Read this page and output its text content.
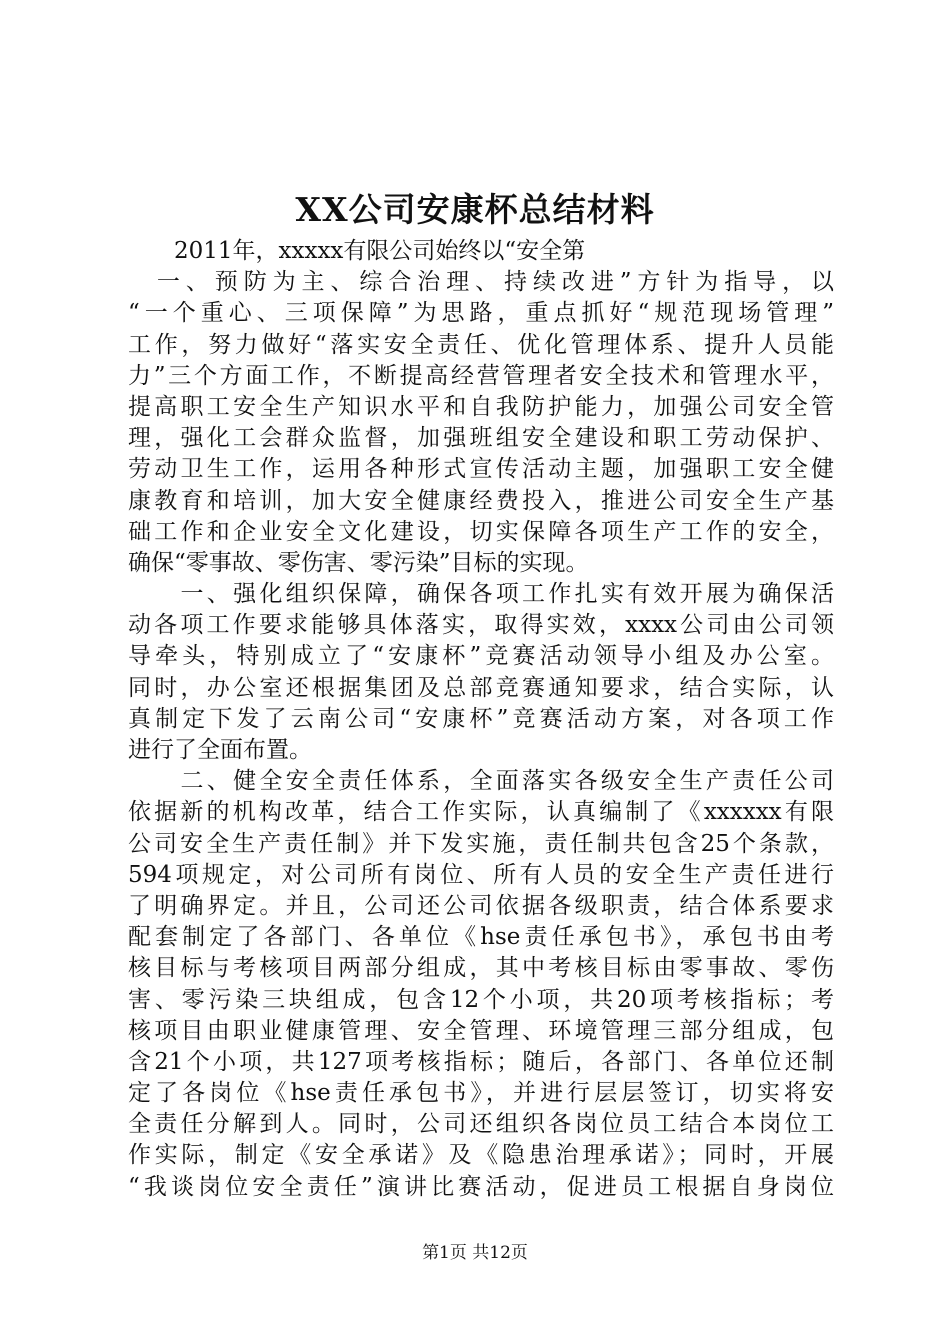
XX公司安康杯总结材料
　　2011年，xxxxx有限公司始终以“安全第
　一、预防为主、综合治理、持续改进”方针为指导，以
“一个重心、三项保障”为思路，重点抓好“规范现场管理”
工作，努力做好“落实安全责任、优化管理体系、提升人员能
力”三个方面工作，不断提高经营管理者安全技术和管理水平，
提高职工安全生产知识水平和自我防护能力，加强公司安全管
理，强化工会群众监督，加强班组安全建设和职工劳动保护、
劳动卫生工作，运用各种形式宣传活动主题，加强职工安全健
康教育和培训，加大安全健康经费投入，推进公司安全生产基
础工作和企业安全文化建设，切实保障各项生产工作的安全，
确保“零事故、零伤害、零污染”目标的实现。
　　一、强化组织保障，确保各项工作扎实有效开展为确保活
动各项工作要求能够具体落实，取得实效，xxxx公司由公司领
导牵头，特别成立了“安康杯”竞赛活动领导小组及办公室。
同时，办公室还根据集团及总部竞赛通知要求，结合实际，认
真制定下发了云南公司“安康杯”竞赛活动方案，对各项工作
进行了全面布置。
　　二、健全安全责任体系，全面落实各级安全生产责任公司
依据新的机构改革，结合工作实际，认真编制了《xxxxxx有限
公司安全生产责任制》并下发实施，责任制共包含25个条款，
594项规定，对公司所有岗位、所有人员的安全生产责任进行
了明确界定。并且，公司还公司依据各级职责，结合体系要求
配套制定了各部门、各单位《hse责任承包书》，承包书由考
核目标与考核项目两部分组成，其中考核目标由零事故、零伤
害、零污染三块组成，包含12个小项，共20项考核指标；考
核项目由职业健康管理、安全管理、环境管理三部分组成，包
含21个小项，共127项考核指标；随后，各部门、各单位还制
定了各岗位《hse责任承包书》，并进行层层签订，切实将安
全责任分解到人。同时，公司还组织各岗位员工结合本岗位工
作实际，制定《安全承诺》及《隐患治理承诺》；同时，开展
“我谈岗位安全责任”演讲比赛活动，促进员工根据自身岗位
第1页 共12页
